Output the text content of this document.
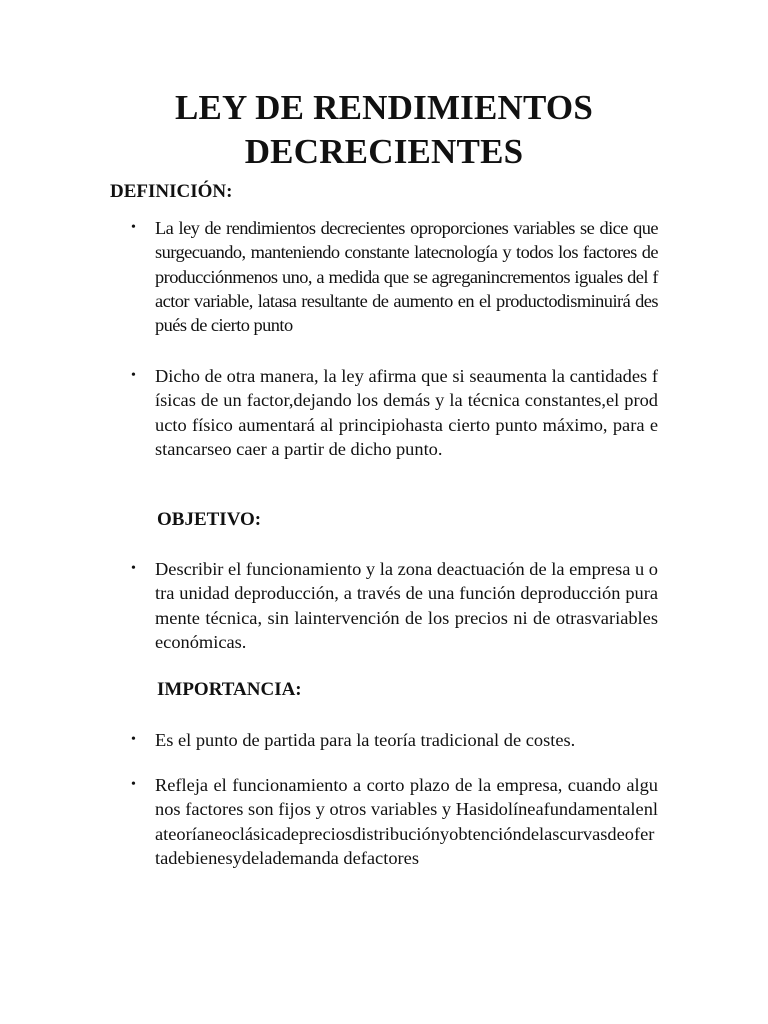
LEY DE RENDIMIENTOS DECRECIENTES
DEFINICIÓN:

• La ley de rendimientos decrecientes oproporciones variables se dice que surgecuando, manteniendo constante latecnología y todos los factores de producciónmenos uno, a medida que se agreganincrementos iguales del factor variable, latasa resultante de aumento en el productodisminuirá después de cierto punto

• Dicho de otra manera, la ley afirma que si seaumenta la cantidades físicas de un factor,dejando los demás y la técnica constantes,el producto físico aumentará al principiohasta cierto punto máximo, para estancarseo caer a partir de dicho punto.

OBJETIVO:

• Describir el funcionamiento y la zona deactuación de la empresa u otra unidad deproducción, a través de una función deproducción puramente técnica, sin laintervención de los precios ni de otrasvariables económicas.

IMPORTANCIA:

• Es el punto de partida para la teoría tradicional de costes.

• Refleja el funcionamiento a corto plazo de la empresa, cuando algunos factores son fijos y otros variables y Hasidolíneafundamentalenlateoríaneoclásicadepreciosdistribuciónyobtencióndelascurvasdeofertadebienesydelademanda defactores
